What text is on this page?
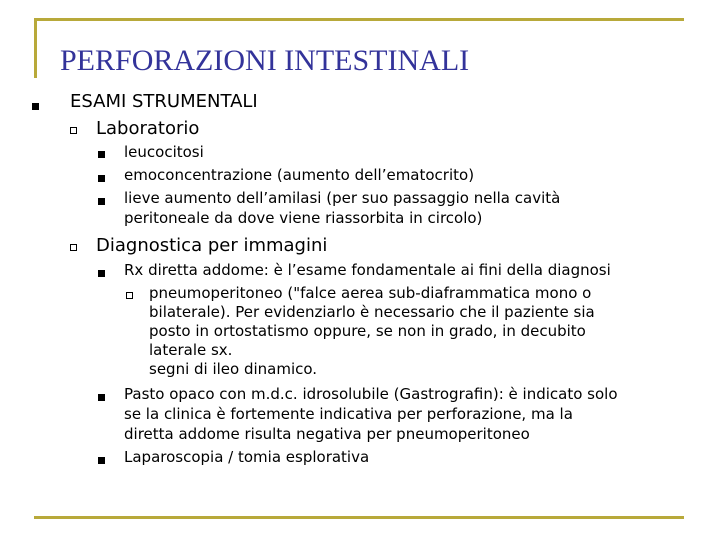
PERFORAZIONI INTESTINALI

ESAMI STRUMENTALI

Laboratorio

leucocitosi

emoconcentrazione (aumento dell’ematocrito)

lieve aumento dell’amilasi (per suo passaggio nella cavità

peritoneale da dove viene riassorbita in circolo)

Diagnostica per immagini

Rx diretta addome: è l’esame fondamentale ai fini della diagnosi

pneumoperitoneo ("falce aerea sub-diaframmatica mono o

bilaterale). Per evidenziarlo è necessario che il paziente sia

posto in ortostatismo oppure, se non in grado, in decubito

laterale sx.

segni di ileo dinamico.

Pasto opaco con m.d.c. idrosolubile (Gastrografin): è indicato solo

se la clinica è fortemente indicativa per perforazione, ma la

diretta addome risulta negativa per pneumoperitoneo

Laparoscopia / tomia esplorativa
